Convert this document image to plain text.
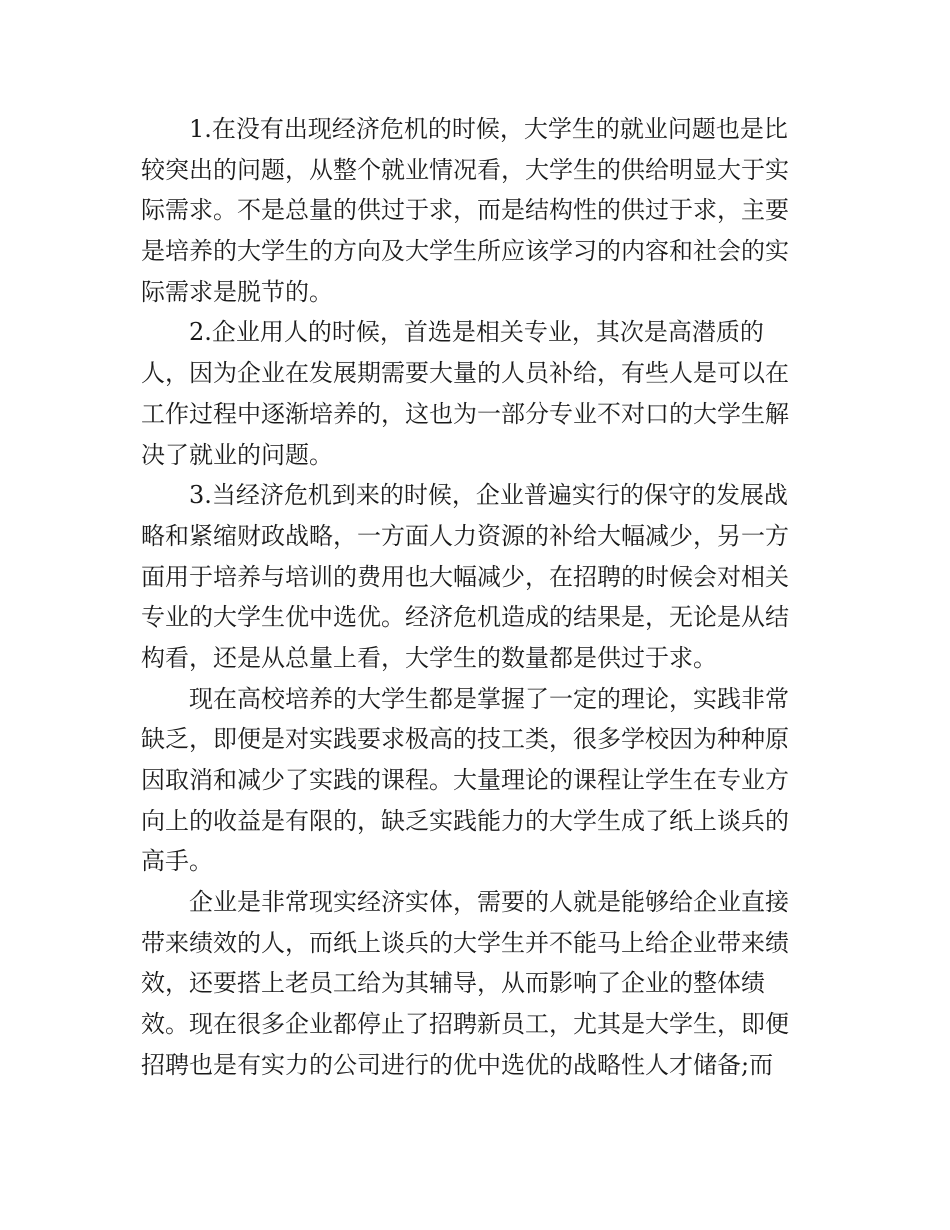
1.在没有出现经济危机的时候，大学生的就业问题也是比
较突出的问题，从整个就业情况看，大学生的供给明显大于实
际需求。不是总量的供过于求，而是结构性的供过于求，主要
是培养的大学生的方向及大学生所应该学习的内容和社会的实
际需求是脱节的。
2.企业用人的时候，首选是相关专业，其次是高潜质的
人，因为企业在发展期需要大量的人员补给，有些人是可以在
工作过程中逐渐培养的，这也为一部分专业不对口的大学生解
决了就业的问题。
3.当经济危机到来的时候，企业普遍实行的保守的发展战
略和紧缩财政战略，一方面人力资源的补给大幅减少，另一方
面用于培养与培训的费用也大幅减少，在招聘的时候会对相关
专业的大学生优中选优。经济危机造成的结果是，无论是从结
构看，还是从总量上看，大学生的数量都是供过于求。
现在高校培养的大学生都是掌握了一定的理论，实践非常
缺乏，即便是对实践要求极高的技工类，很多学校因为种种原
因取消和减少了实践的课程。大量理论的课程让学生在专业方
向上的收益是有限的，缺乏实践能力的大学生成了纸上谈兵的
高手。
企业是非常现实经济实体，需要的人就是能够给企业直接
带来绩效的人，而纸上谈兵的大学生并不能马上给企业带来绩
效，还要搭上老员工给为其辅导，从而影响了企业的整体绩
效。现在很多企业都停止了招聘新员工，尤其是大学生，即便
招聘也是有实力的公司进行的优中选优的战略性人才储备;而
